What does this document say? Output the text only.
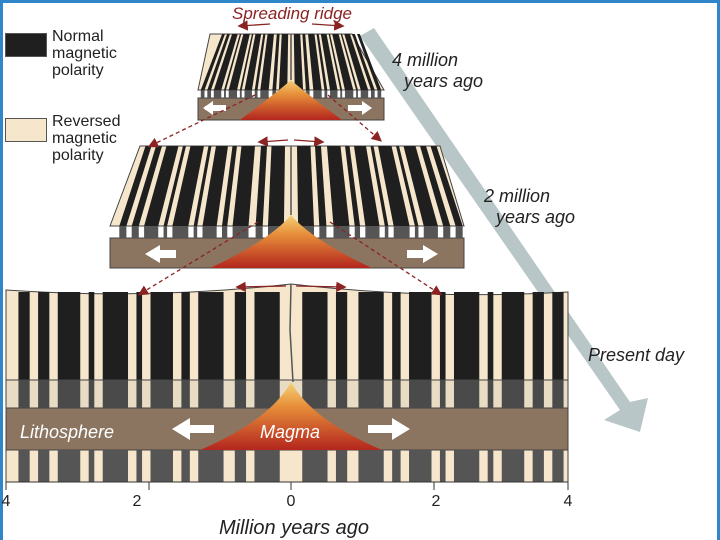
Normal
magnetic
polarity
Reversed
magnetic
polarity
4	2	0	2	4
Million years ago
Spreading ridge
4 million
years ago
2 million
years ago
Present day
Lithosphere	Magma
